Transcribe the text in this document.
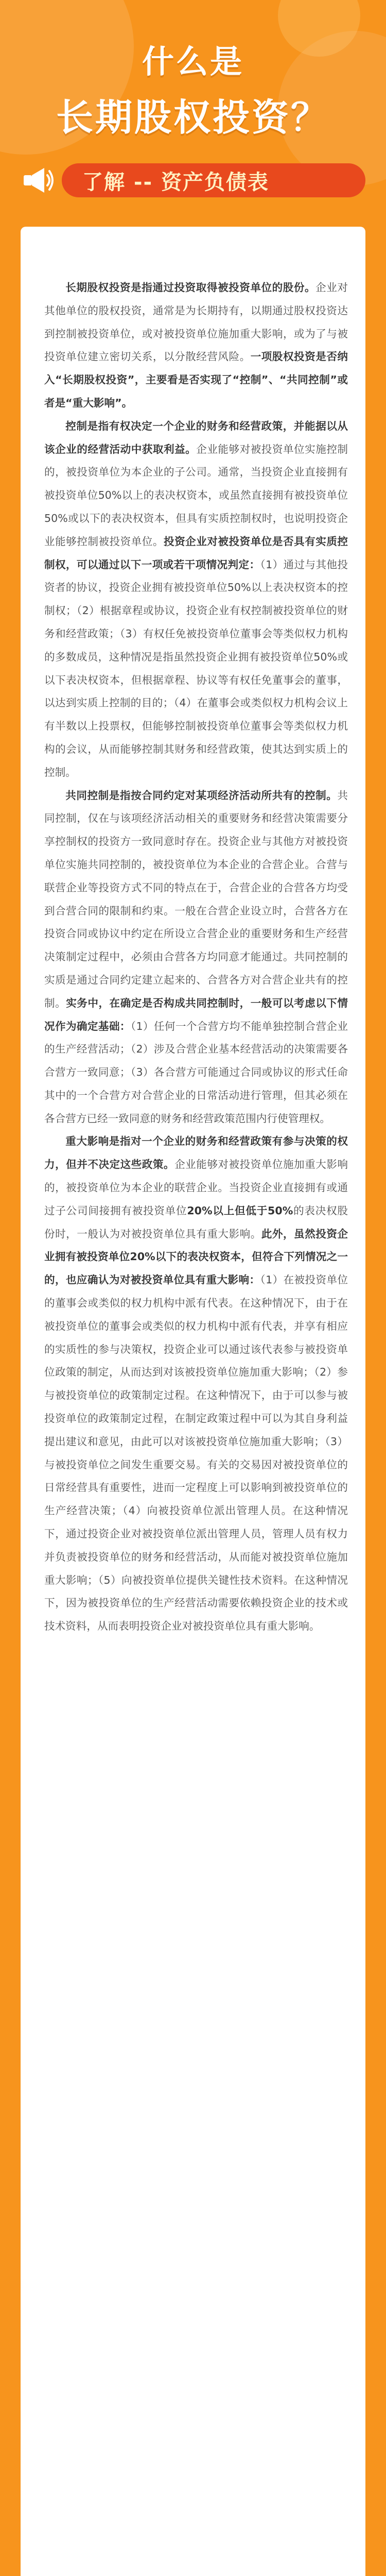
什么是
长期股权投资？
了解 -- 资产负债表

长期股权投资是指通过投资取得被投资单位的股份。企业对其他单位的股权投资，通常是为长期持有，以期通过股权投资达到控制被投资单位，或对被投资单位施加重大影响，或为了与被投资单位建立密切关系，以分散经营风险。一项股权投资是否纳入“长期股权投资”，主要看是否实现了“控制”、“共同控制”或者是“重大影响”。

控制是指有权决定一个企业的财务和经营政策，并能据以从该企业的经营活动中获取利益。企业能够对被投资单位实施控制的，被投资单位为本企业的子公司。通常，当投资企业直接拥有被投资单位50%以上的表决权资本，或虽然直接拥有被投资单位50%或以下的表决权资本，但具有实质控制权时，也说明投资企业能够控制被投资单位。投资企业对被投资单位是否具有实质控制权，可以通过以下一项或若干项情况判定：（1）通过与其他投资者的协议，投资企业拥有被投资单位50%以上表决权资本的控制权；（2）根据章程或协议，投资企业有权控制被投资单位的财务和经营政策；（3）有权任免被投资单位董事会等类似权力机构的多数成员，这种情况是指虽然投资企业拥有被投资单位50%或以下表决权资本，但根据章程、协议等有权任免董事会的董事，以达到实质上控制的目的；（4）在董事会或类似权力机构会议上有半数以上投票权，但能够控制被投资单位董事会等类似权力机构的会议，从而能够控制其财务和经营政策，使其达到实质上的控制。

共同控制是指按合同约定对某项经济活动所共有的控制。共同控制，仅在与该项经济活动相关的重要财务和经营决策需要分享控制权的投资方一致同意时存在。投资企业与其他方对被投资单位实施共同控制的，被投资单位为本企业的合营企业。合营与联营企业等投资方式不同的特点在于，合营企业的合营各方均受到合营合同的限制和约束。一般在合营企业设立时，合营各方在投资合同或协议中约定在所设立合营企业的重要财务和生产经营决策制定过程中，必须由合营各方均同意才能通过。共同控制的实质是通过合同约定建立起来的、合营各方对合营企业共有的控制。实务中，在确定是否构成共同控制时，一般可以考虑以下情况作为确定基础：（1）任何一个合营方均不能单独控制合营企业的生产经营活动；（2）涉及合营企业基本经营活动的决策需要各合营方一致同意；（3）各合营方可能通过合同或协议的形式任命其中的一个合营方对合营企业的日常活动进行管理，但其必须在各合营方已经一致同意的财务和经营政策范围内行使管理权。

重大影响是指对一个企业的财务和经营政策有参与决策的权力，但并不决定这些政策。企业能够对被投资单位施加重大影响的，被投资单位为本企业的联营企业。当投资企业直接拥有或通过子公司间接拥有被投资单位20%以上但低于50%的表决权股份时，一般认为对被投资单位具有重大影响。此外，虽然投资企业拥有被投资单位20%以下的表决权资本，但符合下列情况之一的，也应确认为对被投资单位具有重大影响：（1）在被投资单位的董事会或类似的权力机构中派有代表。在这种情况下，由于在被投资单位的董事会或类似的权力机构中派有代表，并享有相应的实质性的参与决策权，投资企业可以通过该代表参与被投资单位政策的制定，从而达到对该被投资单位施加重大影响；（2）参与被投资单位的政策制定过程。在这种情况下，由于可以参与被投资单位的政策制定过程，在制定政策过程中可以为其自身利益提出建议和意见，由此可以对该被投资单位施加重大影响；（3）与被投资单位之间发生重要交易。有关的交易因对被投资单位的日常经营具有重要性，进而一定程度上可以影响到被投资单位的生产经营决策；（4）向被投资单位派出管理人员。在这种情况下，通过投资企业对被投资单位派出管理人员，管理人员有权力并负责被投资单位的财务和经营活动，从而能对被投资单位施加重大影响；（5）向被投资单位提供关键性技术资料。在这种情况下，因为被投资单位的生产经营活动需要依赖投资企业的技术或技术资料，从而表明投资企业对被投资单位具有重大影响。
